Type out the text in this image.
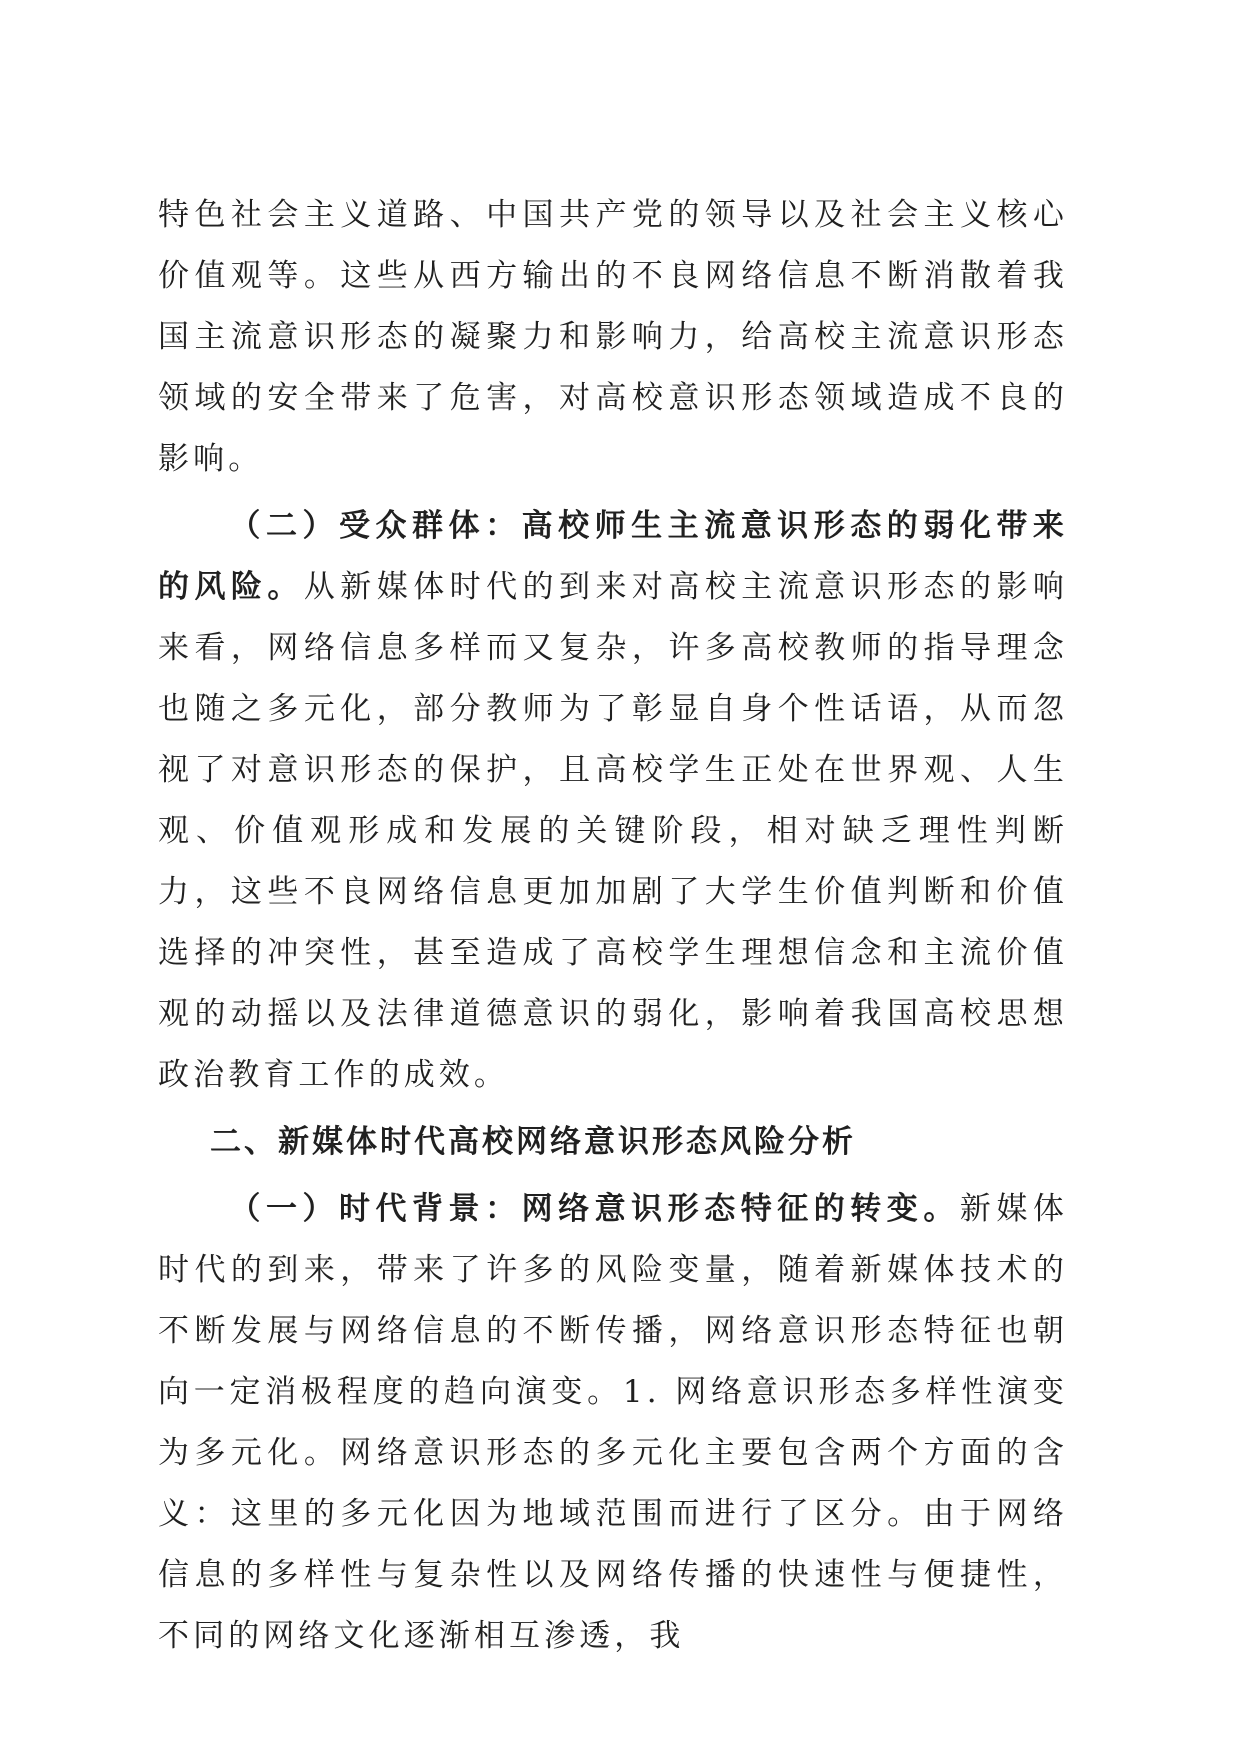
特色社会主义道路、中国共产党的领导以及社会主义核心价值观等。这些从西方输出的不良网络信息不断消散着我国主流意识形态的凝聚力和影响力，给高校主流意识形态领域的安全带来了危害，对高校意识形态领域造成不良的影响。

（二）受众群体：高校师生主流意识形态的弱化带来的风险。从新媒体时代的到来对高校主流意识形态的影响来看，网络信息多样而又复杂，许多高校教师的指导理念也随之多元化，部分教师为了彰显自身个性话语，从而忽视了对意识形态的保护，且高校学生正处在世界观、人生观、价值观形成和发展的关键阶段，相对缺乏理性判断力，这些不良网络信息更加加剧了大学生价值判断和价值选择的冲突性，甚至造成了高校学生理想信念和主流价值观的动摇以及法律道德意识的弱化，影响着我国高校思想政治教育工作的成效。

二、新媒体时代高校网络意识形态风险分析

（一）时代背景：网络意识形态特征的转变。新媒体时代的到来，带来了许多的风险变量，随着新媒体技术的不断发展与网络信息的不断传播，网络意识形态特征也朝向一定消极程度的趋向演变。1. 网络意识形态多样性演变为多元化。网络意识形态的多元化主要包含两个方面的含义：这里的多元化因为地域范围而进行了区分。由于网络信息的多样性与复杂性以及网络传播的快速性与便捷性，不同的网络文化逐渐相互渗透，我
